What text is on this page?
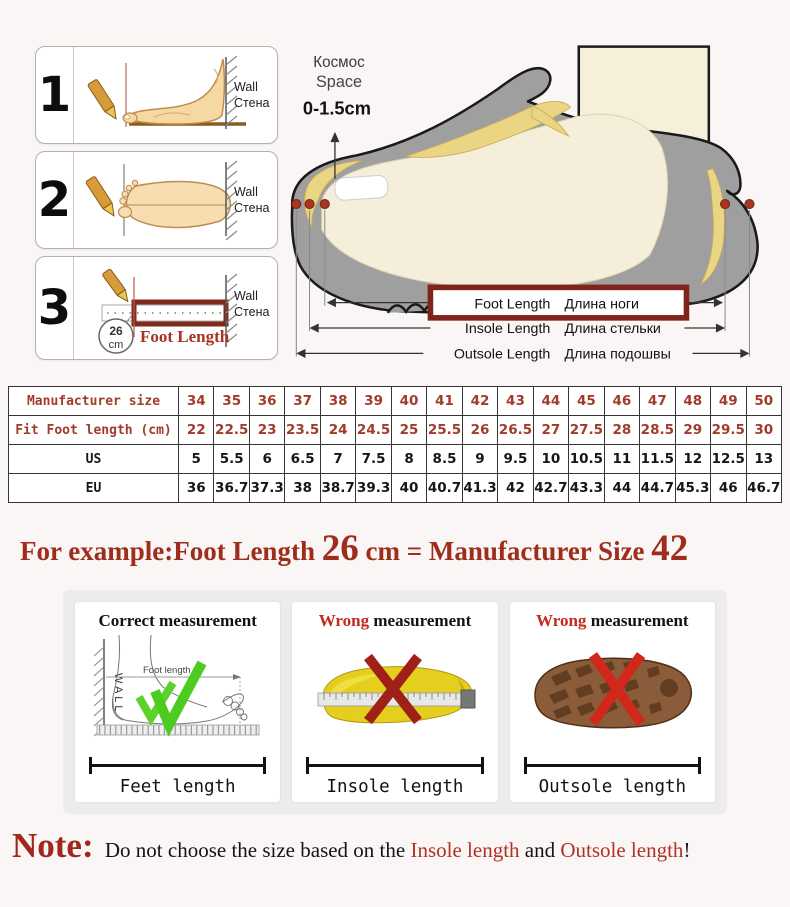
1	Wall
Стена
2	Wall
Стена
3	26
cm Foot Length
Wall
Стена
Космос
Space
0-1.5cm
Foot Length Длина ноги
Insole Length Длина стельки
Outsole Length Длина подошвы
Manufacturer size	34	35	36	37	38	39	40	41	42	43	44	45	46	47	48	49	50
Fit Foot length (cm)	22	22.5	23	23.5	24	24.5	25	25.5	26	26.5	27	27.5	28	28.5	29	29.5	30
US	5	5.5	6	6.5	7	7.5	8	8.5	9	9.5	10	10.5	11	11.5	12	12.5	13
EU	36	36.7	37.3	38	38.7	39.3	40	40.7	41.3	42	42.7	43.3	44	44.7	45.3	46	46.7
For example:Foot Length 26 cm = Manufacturer Size 42
Correct measurement
WALL
Foot length
Feet length
Wrong measurement
Insole length
Wrong measurement
Outsole length
Note: Do not choose the size based on the Insole length and Outsole length!
